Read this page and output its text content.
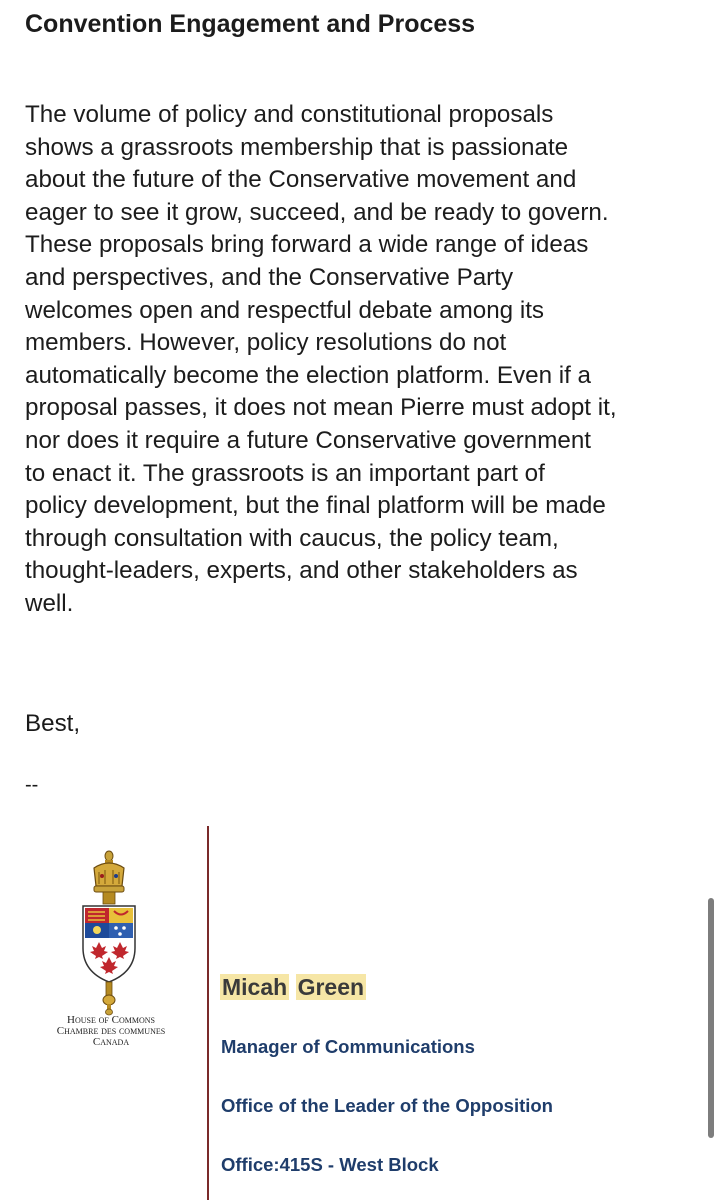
Convention Engagement and Process

The volume of policy and constitutional proposals
shows a grassroots membership that is passionate
about the future of the Conservative movement and
eager to see it grow, succeed, and be ready to govern.
These proposals bring forward a wide range of ideas
and perspectives, and the Conservative Party
welcomes open and respectful debate among its
members. However, policy resolutions do not
automatically become the election platform. Even if a
proposal passes, it does not mean Pierre must adopt it,
nor does it require a future Conservative government
to enact it. The grassroots is an important part of
policy development, but the final platform will be made
through consultation with caucus, the policy team,
thought-leaders, experts, and other stakeholders as
well.

Best,

--

House of Commons
Chambre des communes
Canada
Micah Green
Manager of Communications
Office of the Leader of the Opposition
Office:415S - West Block
